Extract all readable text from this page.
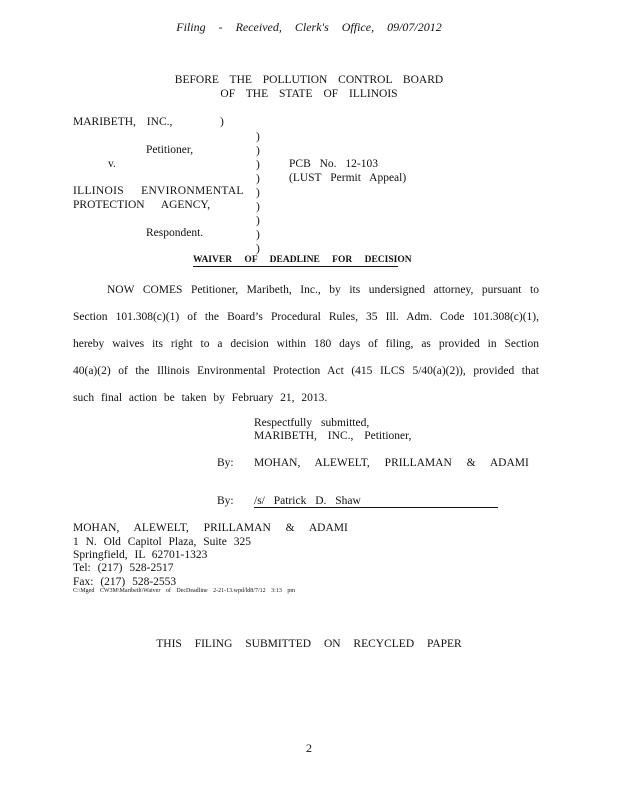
Filing - Received, Clerk's Office, 09/07/2012
BEFORE THE POLLUTION CONTROL BOARD
OF THE STATE OF ILLINOIS
MARIBETH, INC.,	)
)
)
)
)
)
)
)
)
)
Petitioner,
v.	PCB No. 12-103
(LUST Permit Appeal)
ILLINOIS ENVIRONMENTAL
PROTECTION AGENCY,
Respondent.
WAIVER OF DEADLINE FOR DECISION
NOW COMES Petitioner, Maribeth, Inc., by its undersigned attorney, pursuant to Section 101.308(c)(1) of the Board’s Procedural Rules, 35 Ill. Adm. Code 101.308(c)(1), hereby waives its right to a decision within 180 days of filing, as provided in Section 40(a)(2) of the Illinois Environmental Protection Act (415 ILCS 5/40(a)(2)), provided that such final action be taken by February 21, 2013.
Respectfully submitted,
MARIBETH, INC., Petitioner,
By: MOHAN, ALEWELT, PRILLAMAN & ADAMI
By: /s/ Patrick D. Shaw
MOHAN, ALEWELT, PRILLAMAN & ADAMI
1 N. Old Capitol Plaza, Suite 325
Springfield, IL 62701-1323
Tel: (217) 528-2517
Fax: (217) 528-2553
C:\Mged CW3M\Maribeth\Waiver of DecDeadline 2-21-13.wpd/ld8/7/12 3:13 pm
THIS FILING SUBMITTED ON RECYCLED PAPER
2
